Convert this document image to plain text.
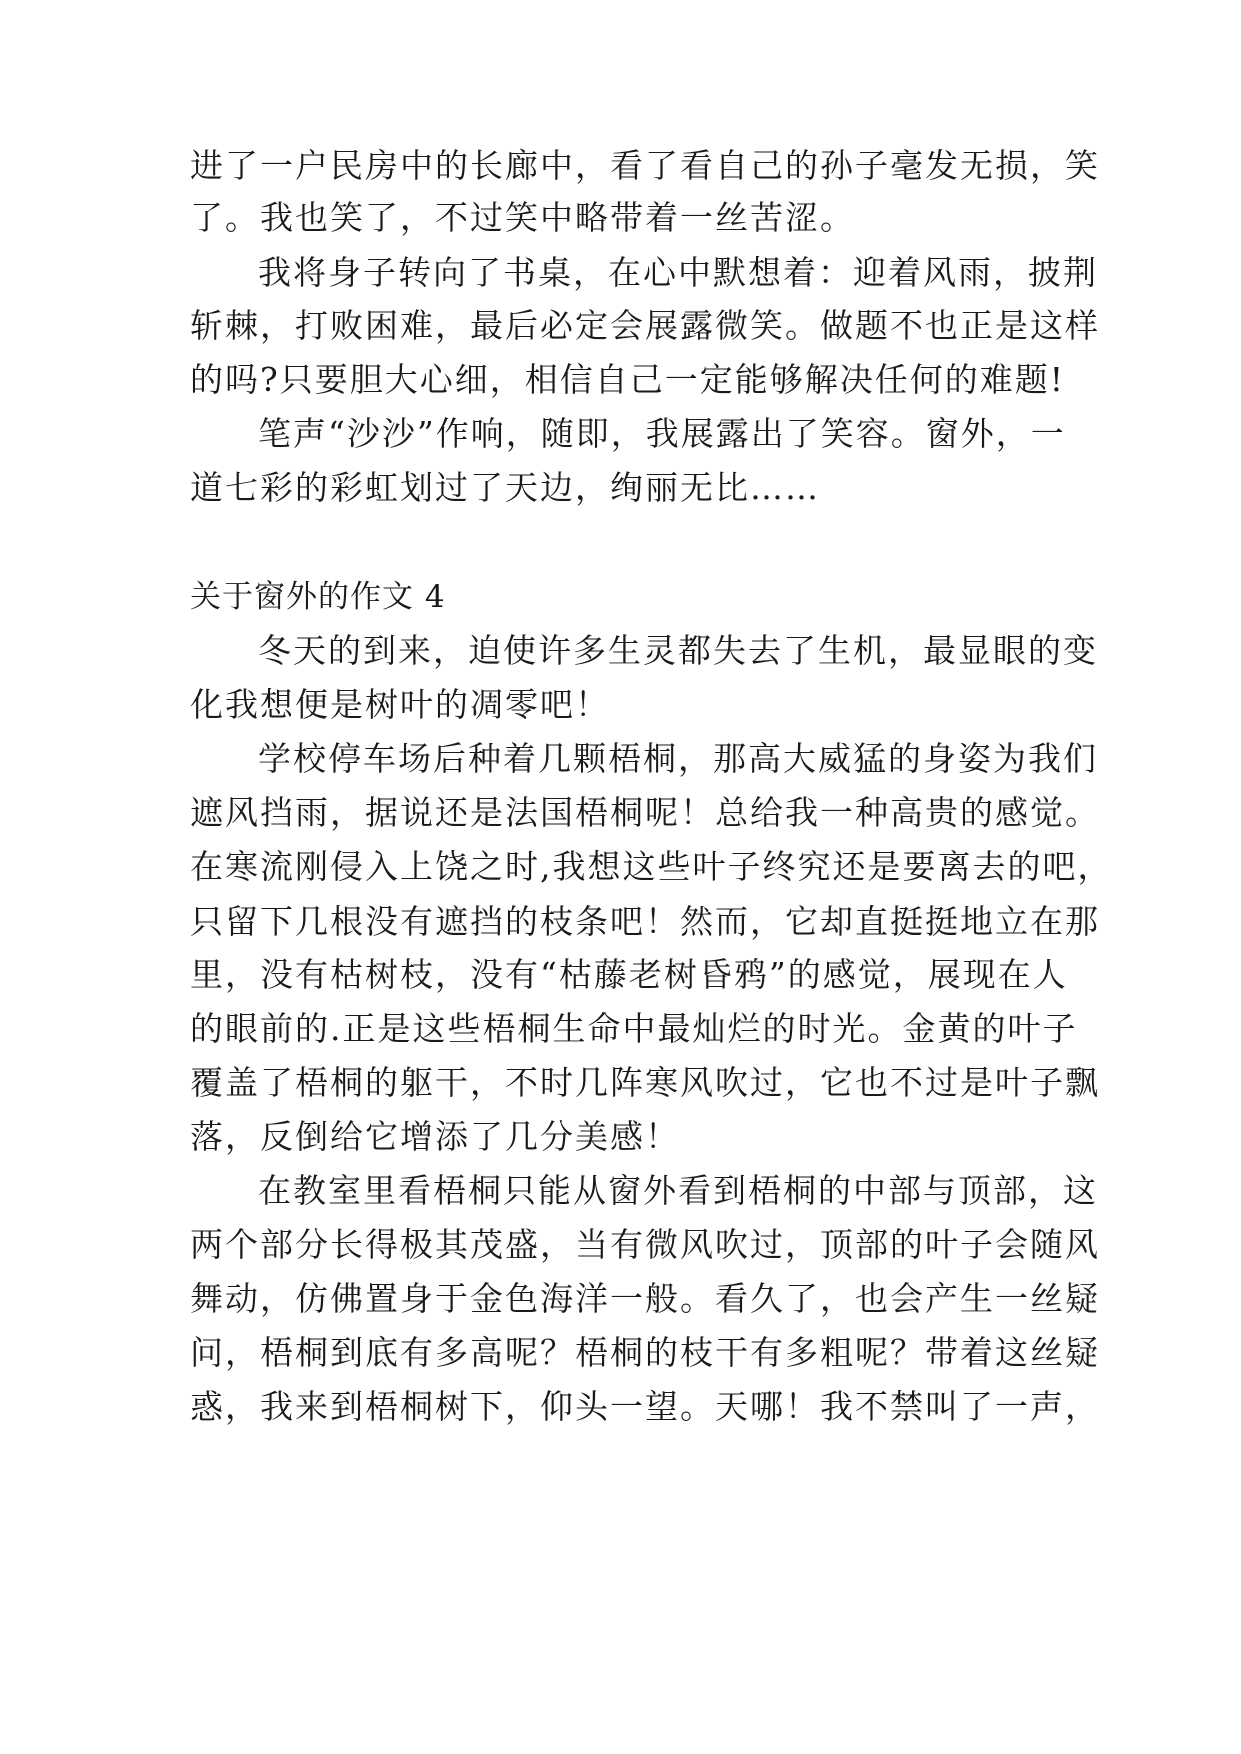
进了一户民房中的长廊中，看了看自己的孙子毫发无损，笑
了。我也笑了，不过笑中略带着一丝苦涩。
我将身子转向了书桌，在心中默想着：迎着风雨，披荆
斩棘，打败困难，最后必定会展露微笑。做题不也正是这样
的吗?只要胆大心细，相信自己一定能够解决任何的难题!
笔声“沙沙”作响，随即，我展露出了笑容。窗外，一
道七彩的彩虹划过了天边，绚丽无比……
关于窗外的作文 4
冬天的到来，迫使许多生灵都失去了生机，最显眼的变
化我想便是树叶的凋零吧！
学校停车场后种着几颗梧桐，那高大威猛的身姿为我们
遮风挡雨，据说还是法国梧桐呢！总给我一种高贵的感觉。
在寒流刚侵入上饶之时,我想这些叶子终究还是要离去的吧，
只留下几根没有遮挡的枝条吧！然而，它却直挺挺地立在那
里，没有枯树枝，没有“枯藤老树昏鸦”的感觉，展现在人
的眼前的.正是这些梧桐生命中最灿烂的时光。金黄的叶子
覆盖了梧桐的躯干，不时几阵寒风吹过，它也不过是叶子飘
落，反倒给它增添了几分美感！
在教室里看梧桐只能从窗外看到梧桐的中部与顶部，这
两个部分长得极其茂盛，当有微风吹过，顶部的叶子会随风
舞动，仿佛置身于金色海洋一般。看久了，也会产生一丝疑
问，梧桐到底有多高呢？梧桐的枝干有多粗呢？带着这丝疑
惑，我来到梧桐树下，仰头一望。天哪！我不禁叫了一声，
